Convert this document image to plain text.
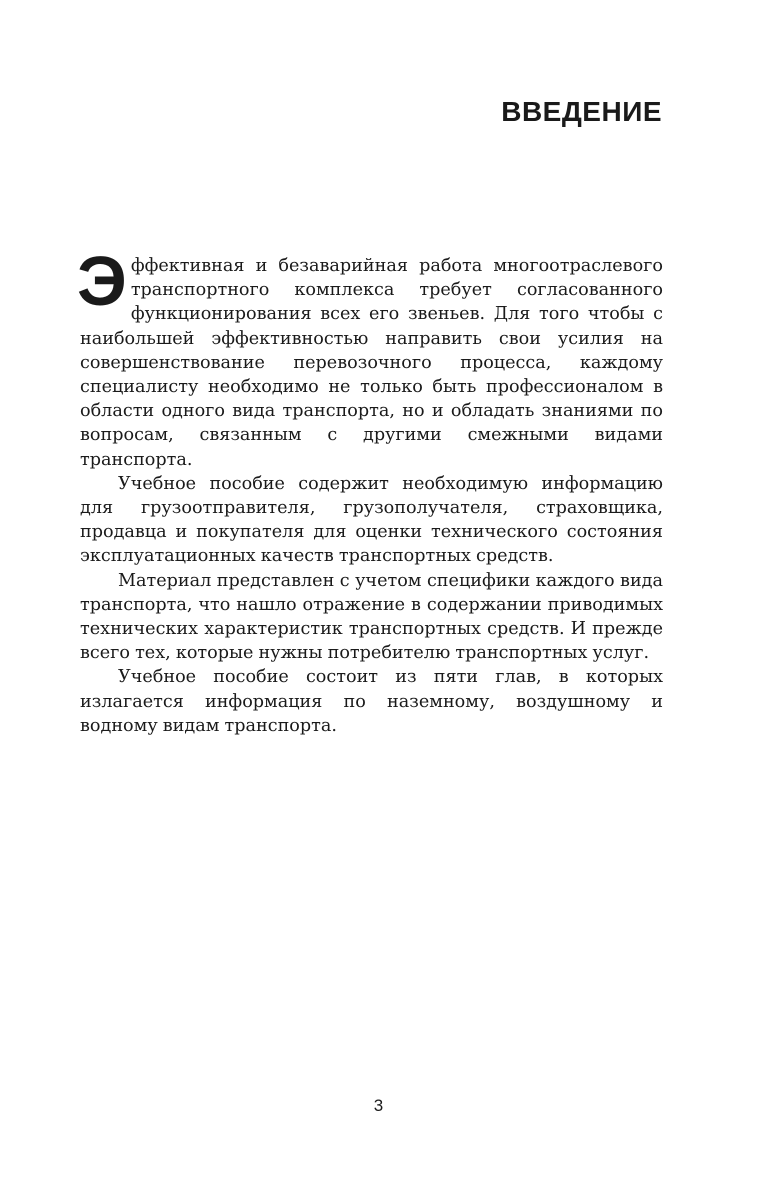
ВВЕДЕНИЕ

Эффективная и безаварийная работа многоотраслевого транспортного комплекса требует согласованного функционирования всех его звеньев. Для того чтобы с наибольшей эффективностью направить свои усилия на совершенствование перевозочного процесса, каждому специалисту необходимо не только быть профессионалом в области одного вида транспорта, но и обладать знаниями по вопросам, связанным с другими смежными видами транспорта.

Учебное пособие содержит необходимую информацию для грузоотправителя, грузополучателя, страховщика, продавца и покупателя для оценки технического состояния эксплуатационных качеств транспортных средств.

Материал представлен с учетом специфики каждого вида транспорта, что нашло отражение в содержании приводимых технических характеристик транспортных средств. И прежде всего тех, которые нужны потребителю транспортных услуг.

Учебное пособие состоит из пяти глав, в которых излагается информация по наземному, воздушному и водному видам транспорта.

3
